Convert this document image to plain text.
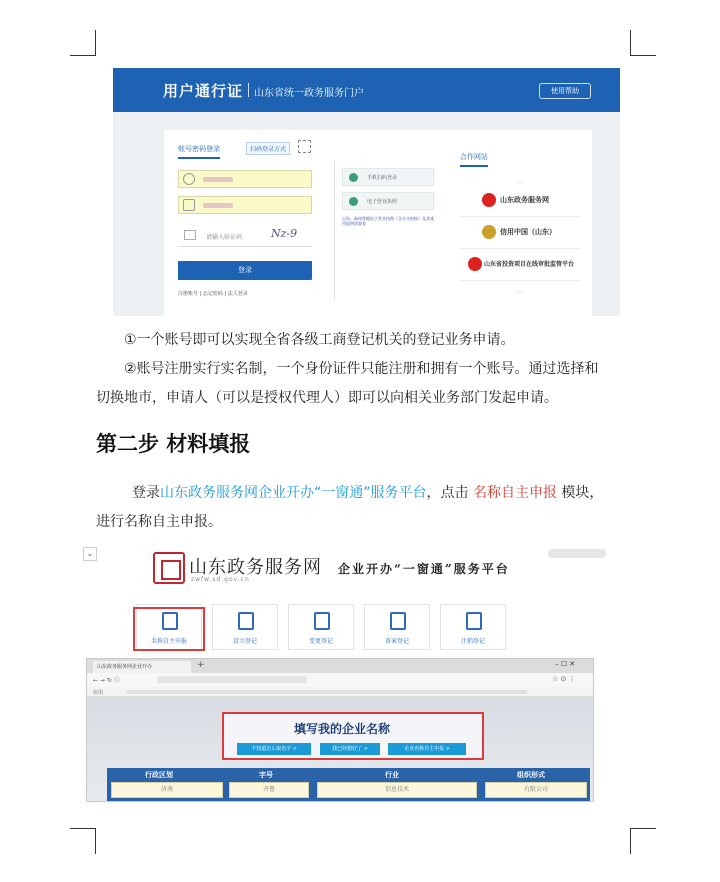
用户通行证 山东省统一政务服务门户	使用帮助
账号密码登录	扫码登录方式
请输入验证码	Nz-9
登录
注册账号 | 忘记密码 | 法人登录
手机扫码登录
电子营业执照
山东、福州等地电子营业执照（含分支机构）及其使用说明请查看
合作网站
︿
山东政务服务网
信用中国（山东）
山东省投资项目在线审批监管平台
﹀
①一个账号即可以实现全省各级工商登记机关的登记业务申请。
②账号注册实行实名制，一个身份证件只能注册和拥有一个账号。通过选择和
切换地市，申请人（可以是授权代理人）即可以向相关业务部门发起申请。
第二步 材料填报
登录山东政务服务网企业开办“一窗通”服务平台，点击 名称自主申报 模块，
进行名称自主申报。
⌄
山东政务服务网
zwfw.sd.gov.cn
企业开办“一窗通”服务平台
名称自主申报	设立登记	变更登记	备案登记	注销登记
山东政务服务网企业开办	+	– ☐ ✕
← → ↻ ⓘ	☆ ⊙ ⋮
应用
填写我的企业名称
不知道怎么取名字 >	我已经想好了 >	企业名称自主申报 >
行政区划	字号	行业	组织形式
济南	齐鲁	信息技术	有限公司
